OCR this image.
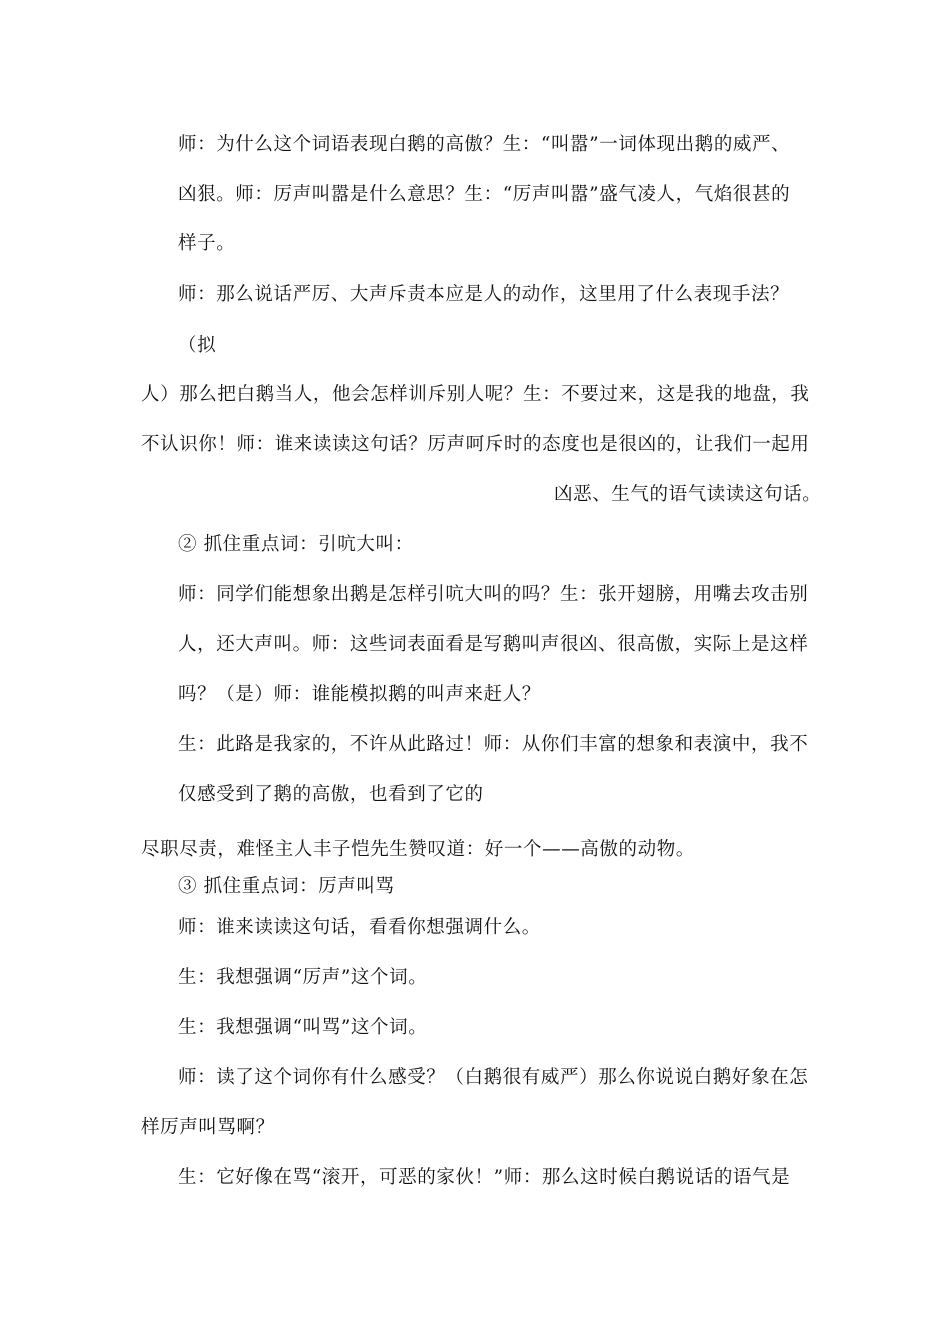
师：为什么这个词语表现白鹅的高傲？生：“叫嚣”一词体现出鹅的威严、
凶狠。师：厉声叫嚣是什么意思？生：“厉声叫嚣”盛气凌人，气焰很甚的
样子。
师：那么说话严厉、大声斥责本应是人的动作，这里用了什么表现手法？
（拟
人）那么把白鹅当人，他会怎样训斥别人呢？生：不要过来，这是我的地盘，我
不认识你！师：谁来读读这句话？厉声呵斥时的态度也是很凶的，让我们一起用
凶恶、生气的语气读读这句话。
② 抓住重点词：引吭大叫：
师：同学们能想象出鹅是怎样引吭大叫的吗？生：张开翅膀，用嘴去攻击别
人，还大声叫。师：这些词表面看是写鹅叫声很凶、很高傲，实际上是这样
吗？（是）师：谁能模拟鹅的叫声来赶人？
生：此路是我家的，不许从此路过！师：从你们丰富的想象和表演中，我不
仅感受到了鹅的高傲，也看到了它的
尽职尽责，难怪主人丰子恺先生赞叹道：好一个——高傲的动物。
③ 抓住重点词：厉声叫骂
师：谁来读读这句话，看看你想强调什么。
生：我想强调“厉声”这个词。
生：我想强调“叫骂”这个词。
师：读了这个词你有什么感受？（白鹅很有威严）那么你说说白鹅好象在怎
样厉声叫骂啊？
生：它好像在骂“滚开，可恶的家伙！”师：那么这时候白鹅说话的语气是
